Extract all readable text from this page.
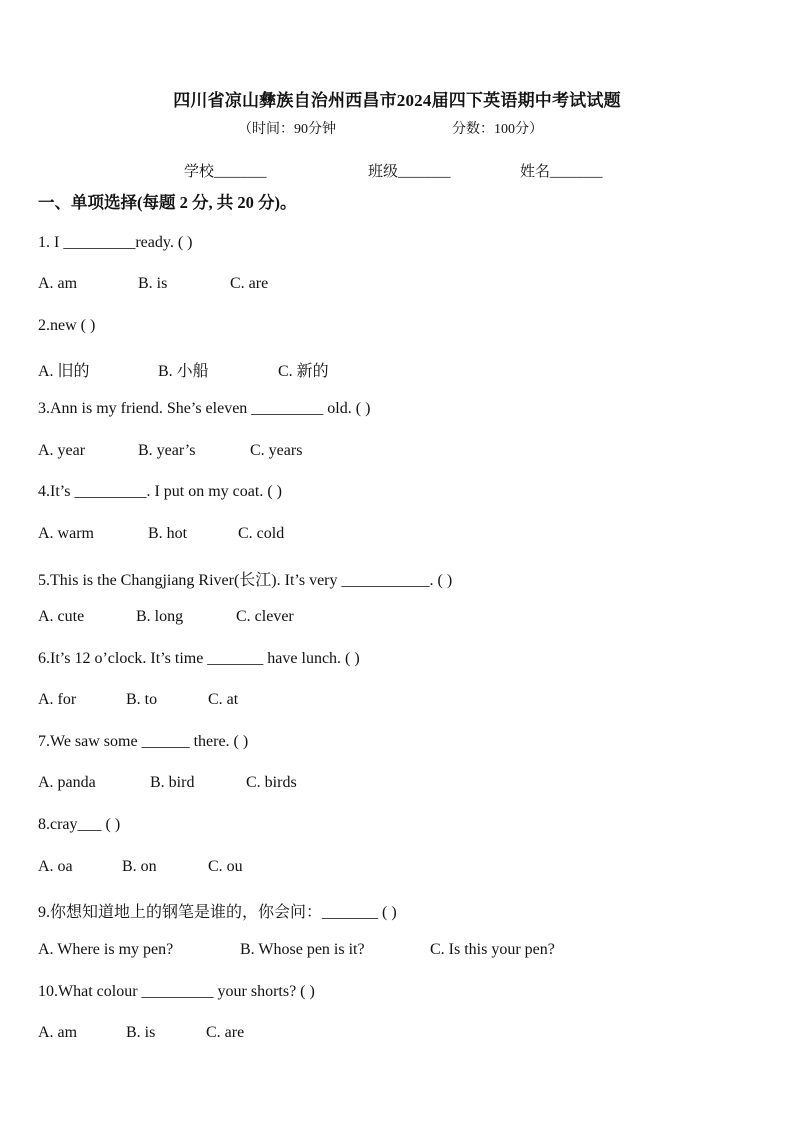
四川省凉山彝族自治州西昌市2024届四下英语期中考试试题
（时间：90分钟	分数：100分）
学校_______	班级_______	姓名_______
一、单项选择(每题 2 分, 共 20 分)。
1. I _________ready. ( )
A. am	B. is	C. are
2.new ( )
A. 旧的	B. 小船	C. 新的
3.Ann is my friend. She’s eleven _________ old. ( )
A. year	B. year’s	C. years
4.It’s _________. I put on my coat. ( )
A. warm	B. hot	C. cold
5.This is the Changjiang River(长江). It’s very ___________. ( )
A. cute	B. long	C. clever
6.It’s 12 o’clock. It’s time _______ have lunch. ( )
A. for	B. to	C. at
7.We saw some ______ there. ( )
A. panda	B. bird	C. birds
8.cray___ ( )
A. oa	B. on	C. ou
9.你想知道地上的钢笔是谁的，你会问：_______ ( )
A. Where is my pen?	B. Whose pen is it?	C. Is this your pen?
10.What colour _________ your shorts? ( )
A. am	B. is	C. are
